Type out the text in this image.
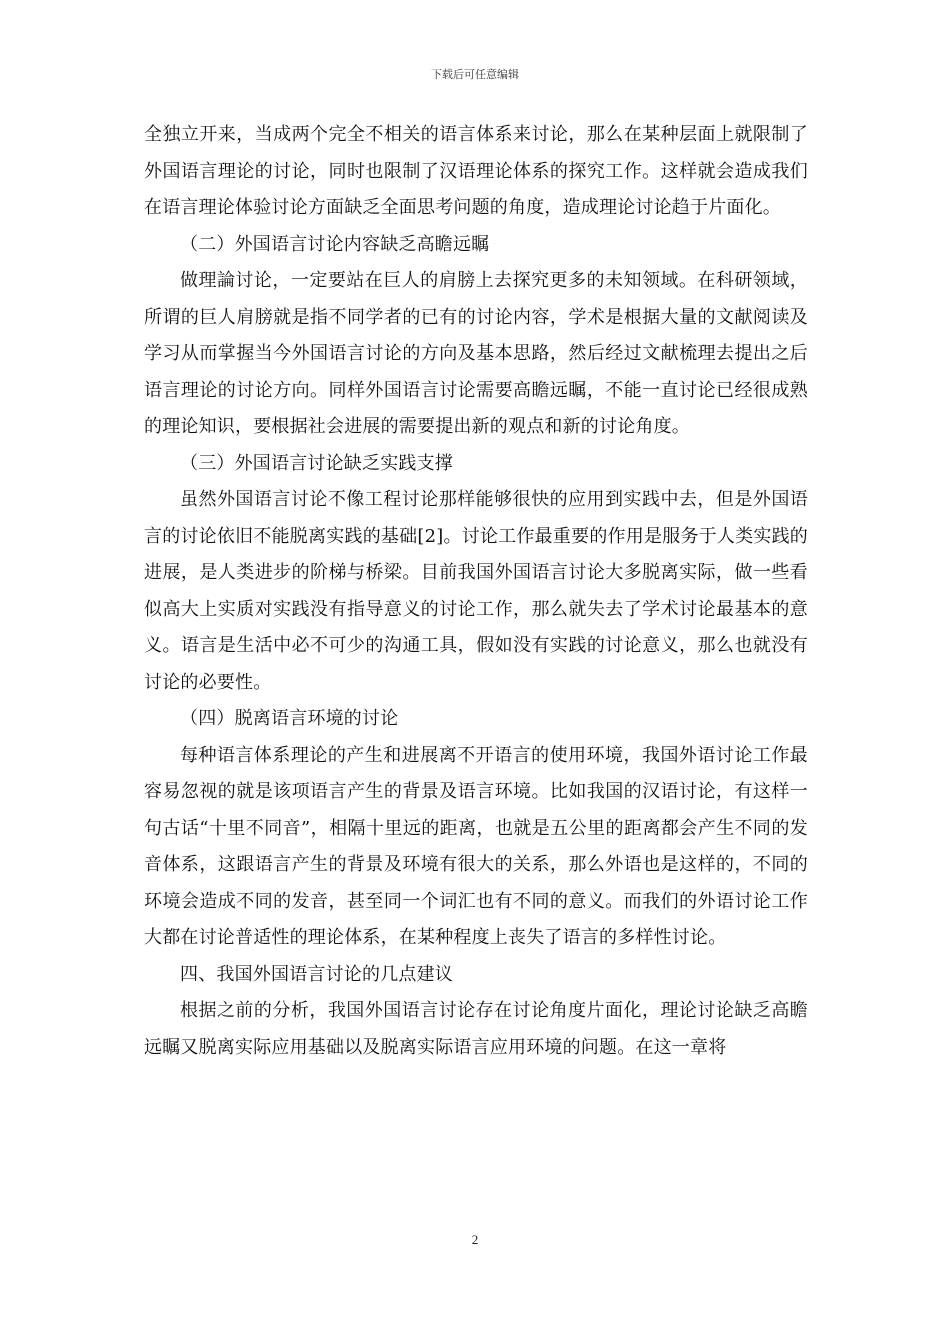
下载后可任意编辑

全独立开来，当成两个完全不相关的语言体系来讨论，那么在某种层面上就限制了外国语言理论的讨论，同时也限制了汉语理论体系的探究工作。这样就会造成我们在语言理论体验讨论方面缺乏全面思考问题的角度，造成理论讨论趋于片面化。

（二）外国语言讨论内容缺乏高瞻远瞩

做理論讨论，一定要站在巨人的肩膀上去探究更多的未知领域。在科研领域，所谓的巨人肩膀就是指不同学者的已有的讨论内容，学术是根据大量的文献阅读及学习从而掌握当今外国语言讨论的方向及基本思路，然后经过文献梳理去提出之后语言理论的讨论方向。同样外国语言讨论需要高瞻远瞩，不能一直讨论已经很成熟的理论知识，要根据社会进展的需要提出新的观点和新的讨论角度。

（三）外国语言讨论缺乏实践支撑

虽然外国语言讨论不像工程讨论那样能够很快的应用到实践中去，但是外国语言的讨论依旧不能脱离实践的基础[2]。讨论工作最重要的作用是服务于人类实践的进展，是人类进步的阶梯与桥梁。目前我国外国语言讨论大多脱离实际，做一些看似高大上实质对实践没有指导意义的讨论工作，那么就失去了学术讨论最基本的意义。语言是生活中必不可少的沟通工具，假如没有实践的讨论意义，那么也就没有讨论的必要性。

（四）脱离语言环境的讨论

每种语言体系理论的产生和进展离不开语言的使用环境，我国外语讨论工作最容易忽视的就是该项语言产生的背景及语言环境。比如我国的汉语讨论，有这样一句古话“十里不同音”，相隔十里远的距离，也就是五公里的距离都会产生不同的发音体系，这跟语言产生的背景及环境有很大的关系，那么外语也是这样的，不同的环境会造成不同的发音，甚至同一个词汇也有不同的意义。而我们的外语讨论工作大都在讨论普适性的理论体系，在某种程度上丧失了语言的多样性讨论。

四、我国外国语言讨论的几点建议

根据之前的分析，我国外国语言讨论存在讨论角度片面化，理论讨论缺乏高瞻远瞩又脱离实际应用基础以及脱离实际语言应用环境的问题。在这一章将

2
